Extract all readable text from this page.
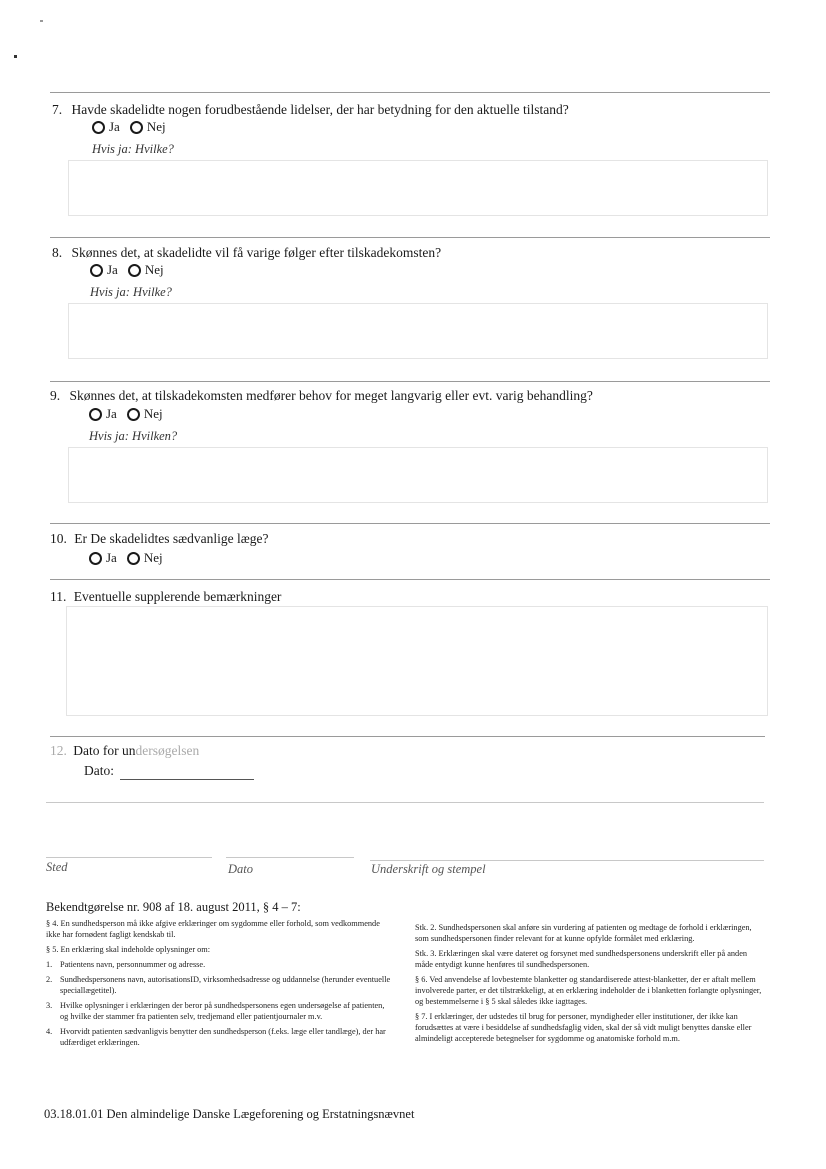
7. Havde skadelidte nogen forudbestående lidelser, der har betydning for den aktuelle tilstand?
Ja Nej
Hvis ja: Hvilke?
8. Skønnes det, at skadelidte vil få varige følger efter tilskadekomsten?
Ja Nej
Hvis ja: Hvilke?
9. Skønnes det, at tilskadekomsten medfører behov for meget langvarig eller evt. varig behandling?
Ja Nej
Hvis ja: Hvilken?
10. Er De skadelidtes sædvanlige læge?
Ja Nej
11. Eventuelle supplerende bemærkninger
12. Dato for undersøgelsen
Dato:
Sted	Dato	Underskrift og stempel
Bekendtgørelse nr. 908 af 18. august 2011, § 4 – 7:

§ 4. En sundhedsperson må ikke afgive erklæringer om sygdomme eller forhold, som vedkommende ikke har fornødent fagligt kendskab til.

§ 5. En erklæring skal indeholde oplysninger om:

1. Patientens navn, personnummer og adresse.
2. Sundhedspersonens navn, autorisationsID, virksomhedsadresse og uddannelse (herunder eventuelle speciallægetitel).
3. Hvilke oplysninger i erklæringen der beror på sundhedspersonens egen undersøgelse af patienten, og hvilke der stammer fra patienten selv, tredjemand eller patientjournaler m.v.
4. Hvorvidt patienten sædvanligvis benytter den sundhedsperson (f.eks. læge eller tandlæge), der har udfærdiget erklæringen.

Stk. 2. Sundhedspersonen skal anføre sin vurdering af patienten og medtage de forhold i erklæringen, som sundhedspersonen finder relevant for at kunne opfylde formålet med erklæring.

Stk. 3. Erklæringen skal være dateret og forsynet med sundhedspersonens underskrift eller på anden måde entydigt kunne henføres til sundhedspersonen.

§ 6. Ved anvendelse af lovbestemte blanketter og standardiserede attest-blanketter, der er aftalt mellem involverede parter, er det tilstrækkeligt, at en erklæring indeholder de i blanketten forlangte oplysninger, og bestemmelserne i § 5 skal således ikke iagttages.

§ 7. I erklæringer, der udstedes til brug for personer, myndigheder eller institutioner, der ikke kan forudsættes at være i besiddelse af sundhedsfaglig viden, skal der så vidt muligt benyttes danske eller almindeligt accepterede betegnelser for sygdomme og anatomiske forhold m.m.

03.18.01.01 Den almindelige Danske Lægeforening og Erstatningsnævnet
